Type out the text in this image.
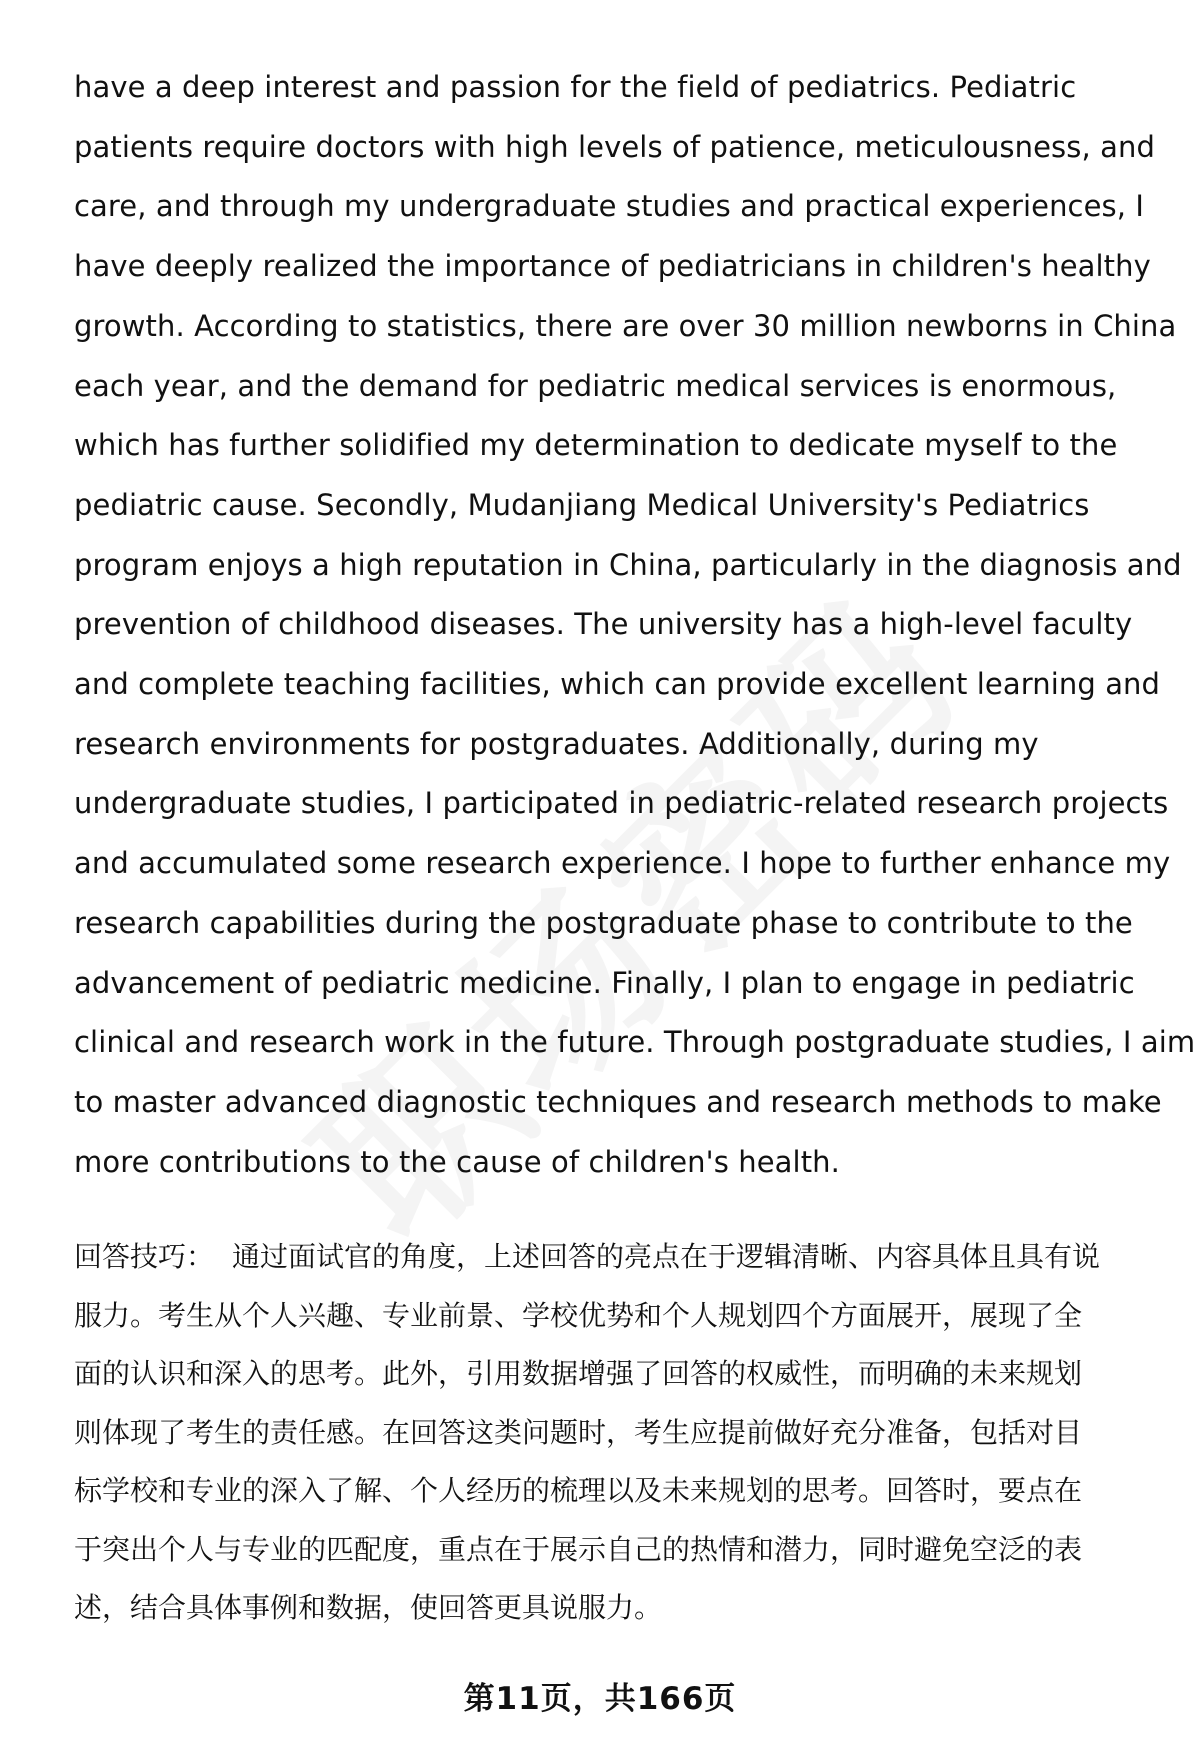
have a deep interest and passion for the field of pediatrics. Pediatric

patients require doctors with high levels of patience, meticulousness, and

care, and through my undergraduate studies and practical experiences, I

have deeply realized the importance of pediatricians in children's healthy

growth. According to statistics, there are over 30 million newborns in China

each year, and the demand for pediatric medical services is enormous,

which has further solidified my determination to dedicate myself to the

pediatric cause. Secondly, Mudanjiang Medical University's Pediatrics

program enjoys a high reputation in China, particularly in the diagnosis and

prevention of childhood diseases. The university has a high-level faculty

and complete teaching facilities, which can provide excellent learning and

research environments for postgraduates. Additionally, during my

undergraduate studies, I participated in pediatric-related research projects

and accumulated some research experience. I hope to further enhance my

research capabilities during the postgraduate phase to contribute to the

advancement of pediatric medicine. Finally, I plan to engage in pediatric

clinical and research work in the future. Through postgraduate studies, I aim

to master advanced diagnostic techniques and research methods to make

more contributions to the cause of children's health.

回答技巧： 通过面试官的角度，上述回答的亮点在于逻辑清晰、内容具体且具有说

服力。考生从个人兴趣、专业前景、学校优势和个人规划四个方面展开，展现了全

面的认识和深入的思考。此外，引用数据增强了回答的权威性，而明确的未来规划

则体现了考生的责任感。在回答这类问题时，考生应提前做好充分准备，包括对目

标学校和专业的深入了解、个人经历的梳理以及未来规划的思考。回答时，要点在

于突出个人与专业的匹配度，重点在于展示自己的热情和潜力，同时避免空泛的表

述，结合具体事例和数据，使回答更具说服力。

第11页，共166页
